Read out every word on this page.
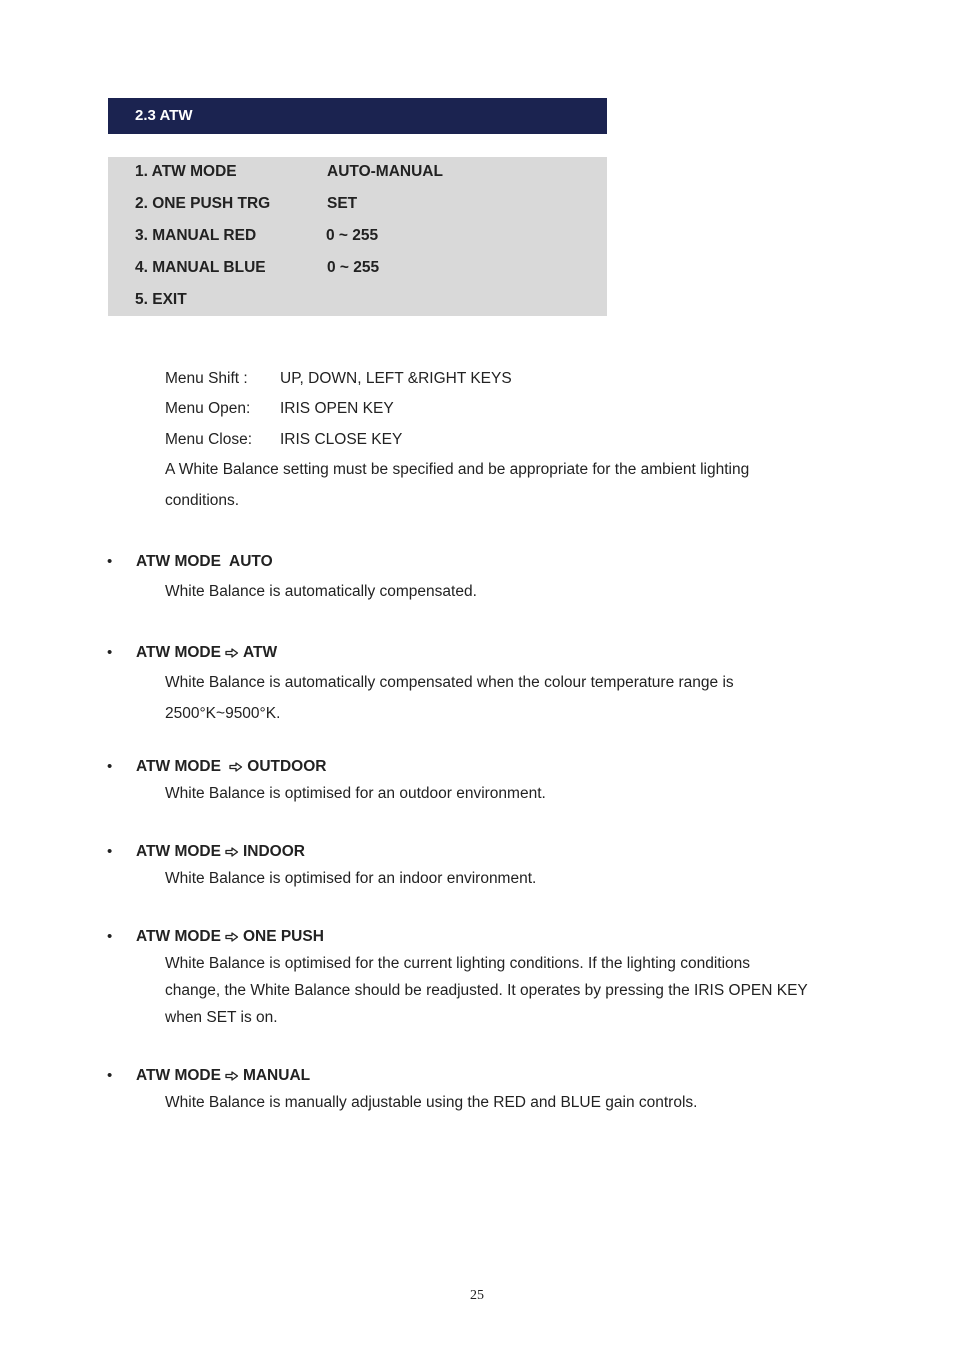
2.3 ATW
1. ATW MODE	AUTO-MANUAL
2. ONE PUSH TRG	SET
3. MANUAL RED	0 ~ 255
4. MANUAL BLUE	0 ~ 255
5. EXIT
Menu Shift : UP, DOWN, LEFT &RIGHT KEYS
Menu Open: IRIS OPEN KEY
Menu Close: IRIS CLOSE KEY
A White Balance setting must be specified and be appropriate for the ambient lighting
conditions.
• ATW MODE AUTO
White Balance is automatically compensated.
• ATW MODE ATW
White Balance is automatically compensated when the colour temperature range is
2500°K~9500°K.
• ATW MODE OUTDOOR
White Balance is optimised for an outdoor environment.
• ATW MODE INDOOR
White Balance is optimised for an indoor environment.
• ATW MODE ONE PUSH
White Balance is optimised for the current lighting conditions. If the lighting conditions
change, the White Balance should be readjusted. It operates by pressing the IRIS OPEN KEY
when SET is on.
• ATW MODE MANUAL
White Balance is manually adjustable using the RED and BLUE gain controls.
25
